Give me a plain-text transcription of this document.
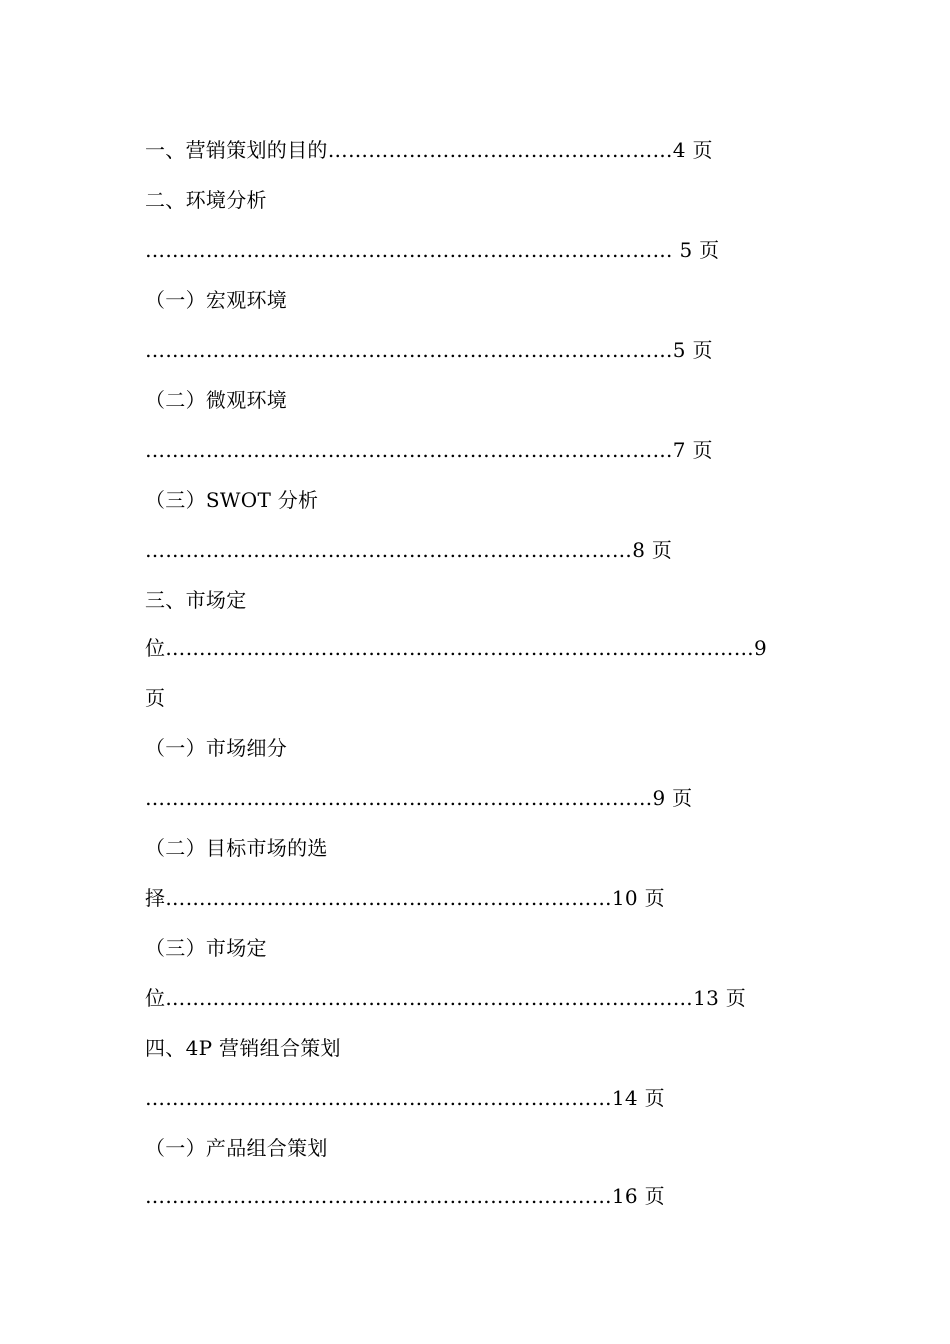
一、营销策划的目的……………………………………………4 页
二、环境分析
…………………………………………………………………… 5 页
（一）宏观环境
……………………………………………………………………5 页
（二）微观环境
……………………………………………………………………7 页
（三）SWOT 分析
………………………………………………………………8 页
三、市场定
位……………………………………………………………………………9
页
（一）市场细分
…………………………………………………………………9 页
（二）目标市场的选
择…………………………………………………………10 页
（三）市场定
位……………………………………………………………………13 页
四、4P 营销组合策划
……………………………………………………………14 页
（一）产品组合策划
……………………………………………………………16 页
